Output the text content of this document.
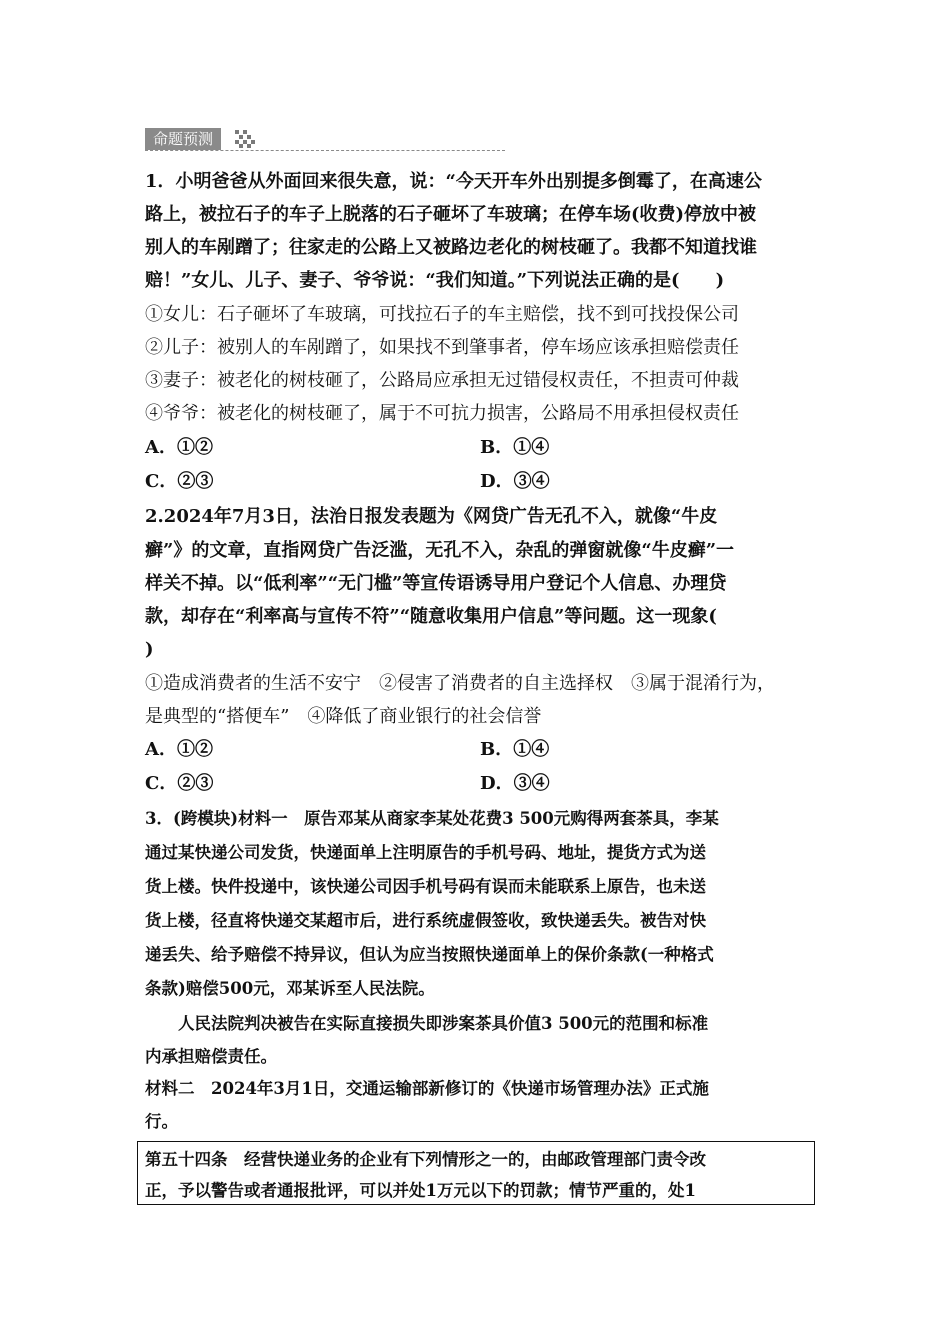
命题预测
1．小明爸爸从外面回来很失意，说：“今天开车外出别提多倒霉了，在高速公
路上，被拉石子的车子上脱落的石子砸坏了车玻璃；在停车场(收费)停放中被
别人的车剐蹭了；往家走的公路上又被路边老化的树枝砸了。我都不知道找谁
赔！”女儿、儿子、妻子、爷爷说：“我们知道。”下列说法正确的是(　　)
①女儿：石子砸坏了车玻璃，可找拉石子的车主赔偿，找不到可找投保公司
②儿子：被别人的车剐蹭了，如果找不到肇事者，停车场应该承担赔偿责任
③妻子：被老化的树枝砸了，公路局应承担无过错侵权责任，不担责可仲裁
④爷爷：被老化的树枝砸了，属于不可抗力损害，公路局不用承担侵权责任
A．①②	B．①④
C．②③	D．③④
2.2024年7月3日，法治日报发表题为《网贷广告无孔不入，就像“牛皮
癣”》的文章，直指网贷广告泛滥，无孔不入，杂乱的弹窗就像“牛皮癣”一
样关不掉。以“低利率”“无门槛”等宣传语诱导用户登记个人信息、办理贷
款，却存在“利率高与宣传不符”“随意收集用户信息”等问题。这一现象(
)
①造成消费者的生活不安宁　②侵害了消费者的自主选择权　③属于混淆行为，
是典型的“搭便车”　④降低了商业银行的社会信誉
A．①②	B．①④
C．②③	D．③④
3．(跨模块)材料一　原告邓某从商家李某处花费3 500元购得两套茶具，李某
通过某快递公司发货，快递面单上注明原告的手机号码、地址，提货方式为送
货上楼。快件投递中，该快递公司因手机号码有误而未能联系上原告，也未送
货上楼，径直将快递交某超市后，进行系统虚假签收，致快递丢失。被告对快
递丢失、给予赔偿不持异议，但认为应当按照快递面单上的保价条款(一种格式
条款)赔偿500元，邓某诉至人民法院。
　　人民法院判决被告在实际直接损失即涉案茶具价值3 500元的范围和标准
内承担赔偿责任。
材料二　2024年3月1日，交通运输部新修订的《快递市场管理办法》正式施
行。
第五十四条　经营快递业务的企业有下列情形之一的，由邮政管理部门责令改
正，予以警告或者通报批评，可以并处1万元以下的罚款；情节严重的，处1
